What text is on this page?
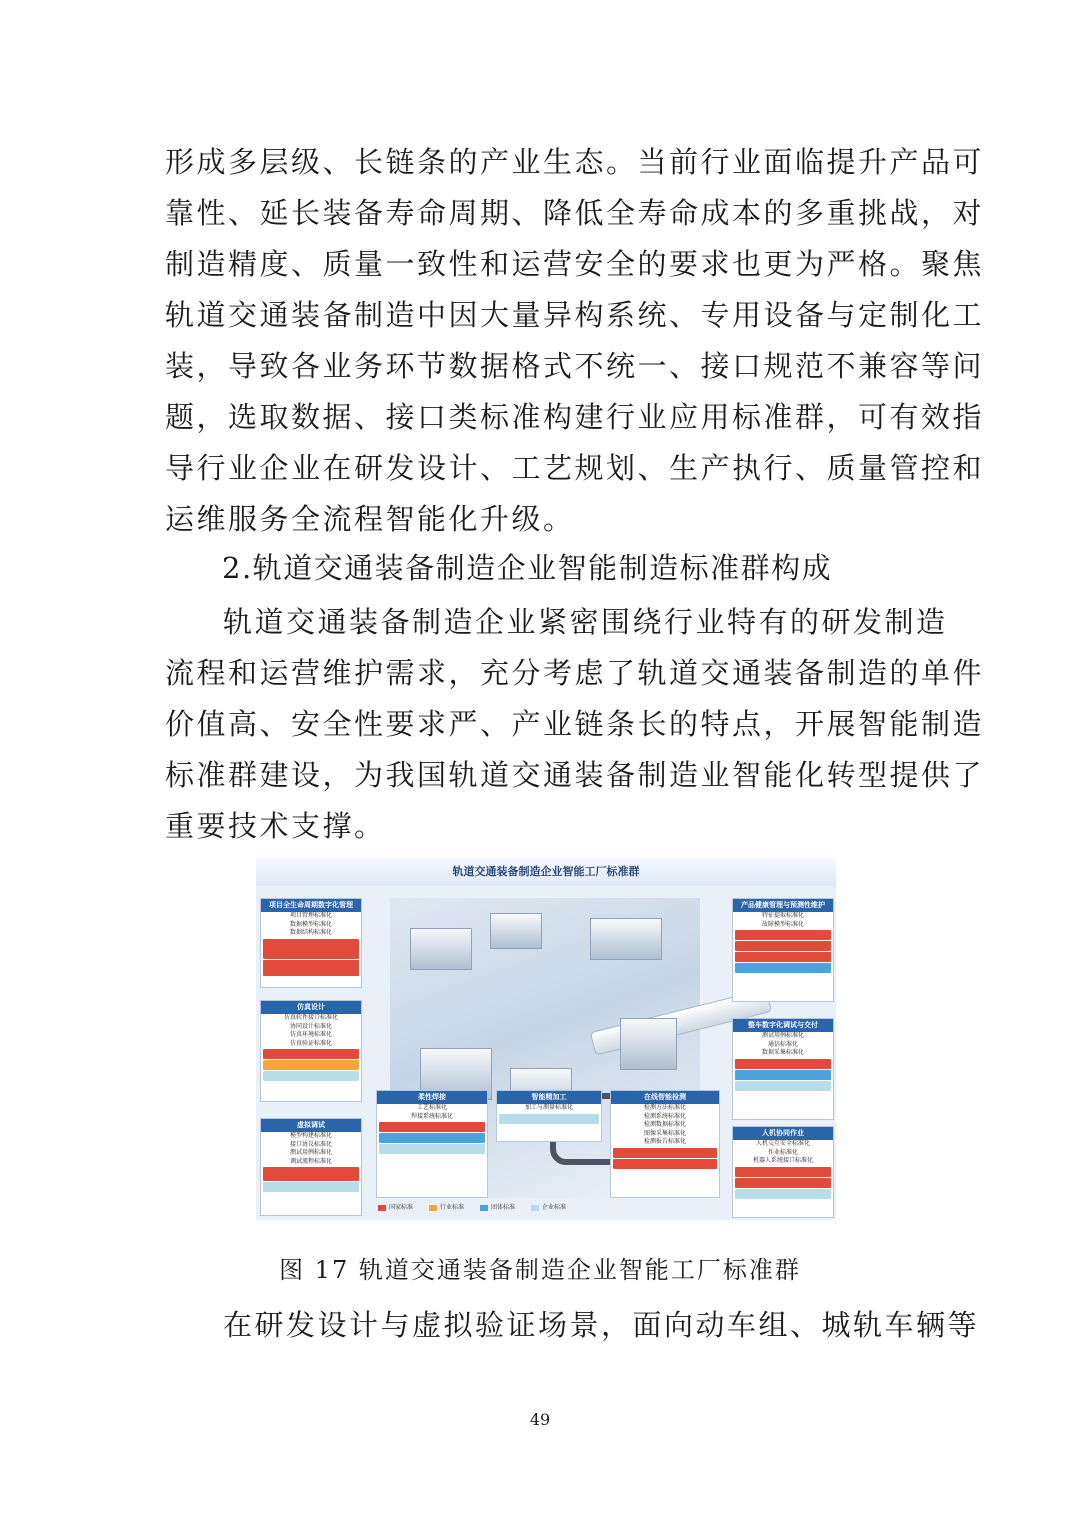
形成多层级、长链条的产业生态。当前行业面临提升产品可
靠性、延长装备寿命周期、降低全寿命成本的多重挑战，对
制造精度、质量一致性和运营安全的要求也更为严格。聚焦
轨道交通装备制造中因大量异构系统、专用设备与定制化工
装，导致各业务环节数据格式不统一、接口规范不兼容等问
题，选取数据、接口类标准构建行业应用标准群，可有效指
导行业企业在研发设计、工艺规划、生产执行、质量管控和
运维服务全流程智能化升级。
2.轨道交通装备制造企业智能制造标准群构成
轨道交通装备制造企业紧密围绕行业特有的研发制造
流程和运营维护需求，充分考虑了轨道交通装备制造的单件
价值高、安全性要求严、产业链条长的特点，开展智能制造
标准群建设，为我国轨道交通装备制造业智能化转型提供了
重要技术支撑。
轨道交通装备制造企业智能工厂标准群
项目全生命周期数字化管理
项目管理标准化
数据模型标准化
数据结构标准化
仿真设计
仿真软件接口标准化
协同设计标准化
仿真环境标准化
仿真验证标准化
虚拟调试
模型构建标准化
接口协议标准化
测试用例标准化
调试流程标准化
产品健康管理与预测性维护
特征提取标准化
故障模型标准化
整车数字化调试与交付
测试用例标准化
通信标准化
数据采集标准化
人机协同作业
人机交互安全标准化
作业标准化
机器人系统接口标准化
柔性焊接
工艺标准化
焊接系统标准化
智能精加工
加工与测量标准化
在线智能检测
检测方法标准化
检测系统标准化
检测数据标准化
图像采集标准化
检测报告标准化
国家标准	行业标准	团体标准	企业标准
图 17 轨道交通装备制造企业智能工厂标准群
在研发设计与虚拟验证场景，面向动车组、城轨车辆等
49
